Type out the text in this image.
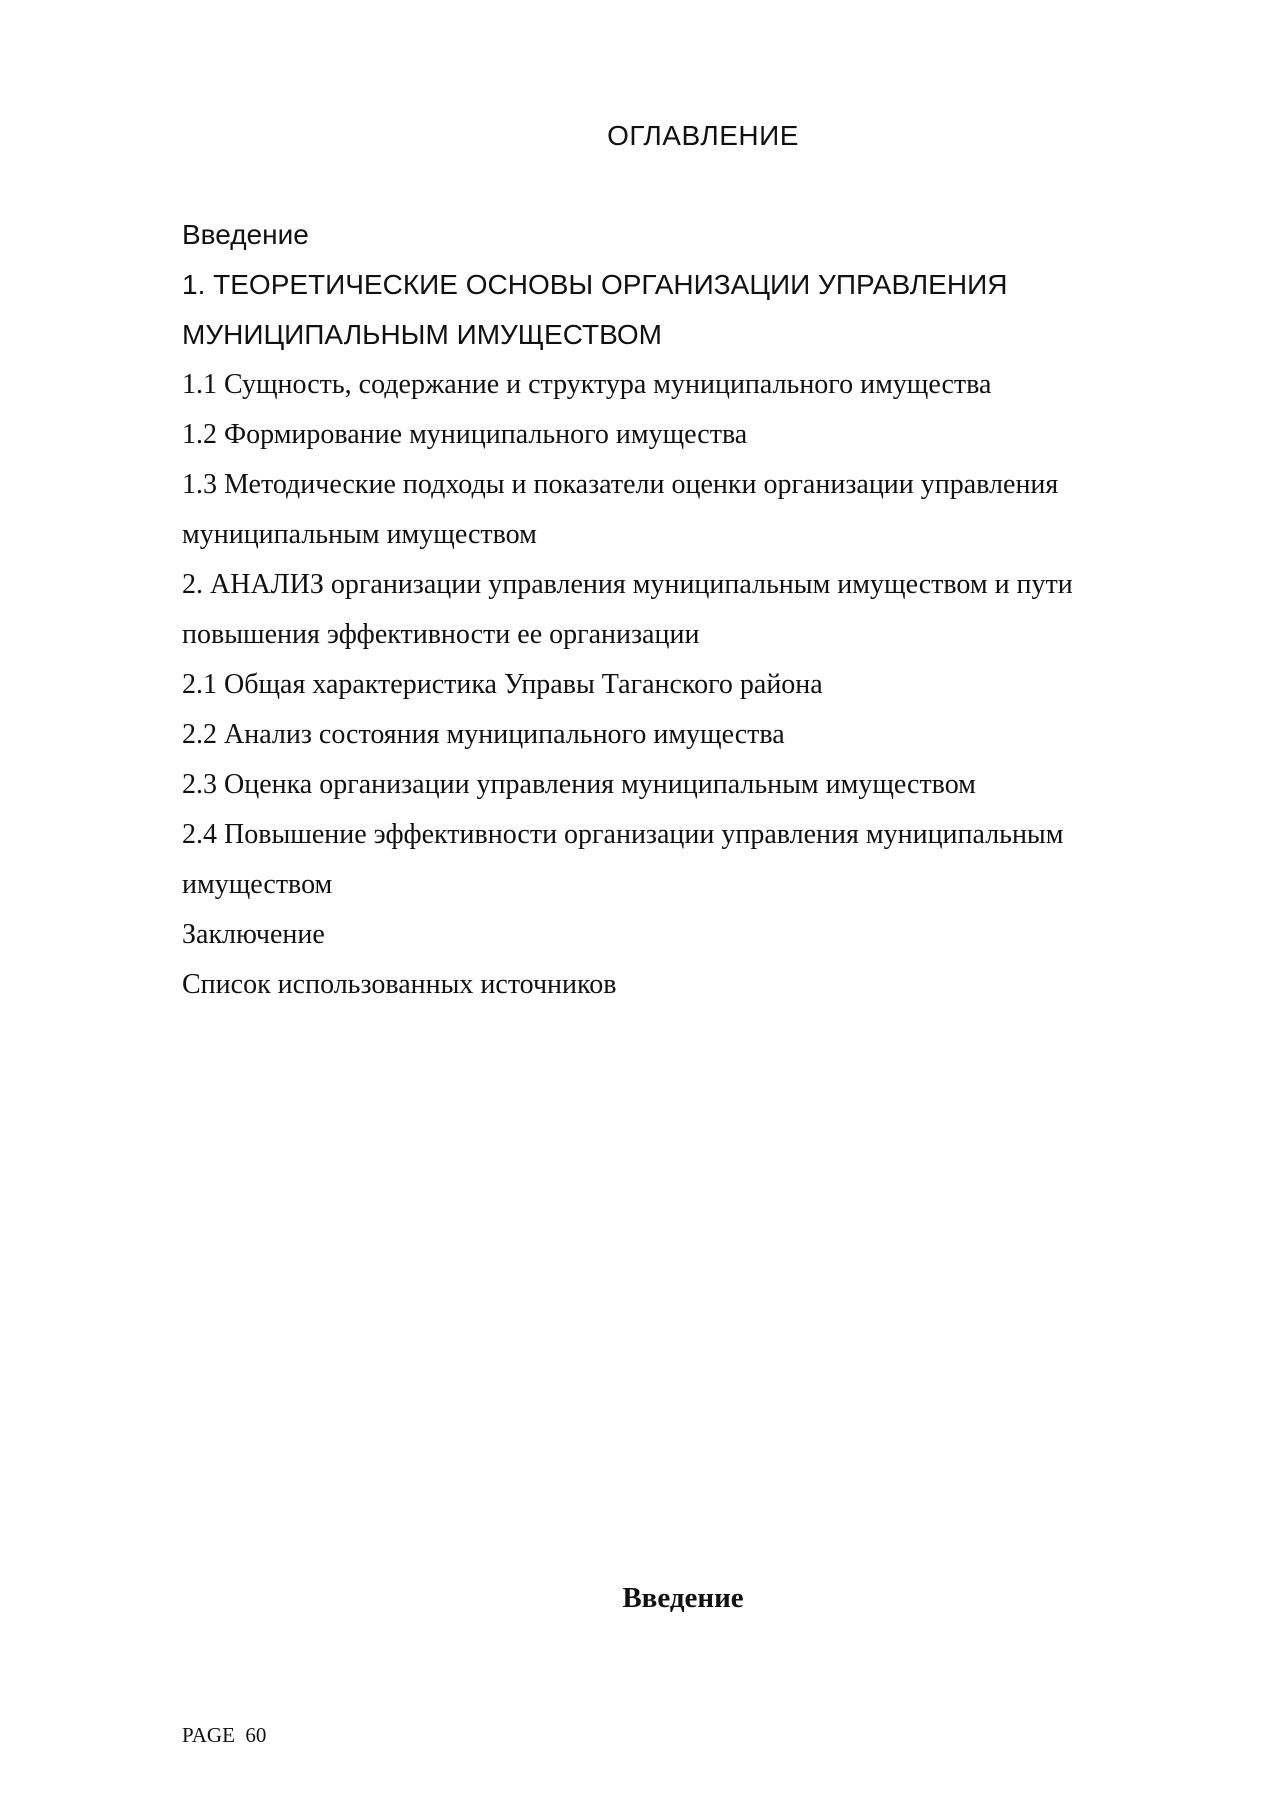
ОГЛАВЛЕНИЕ
Введение
1. ТЕОРЕТИЧЕСКИЕ ОСНОВЫ ОРГАНИЗАЦИИ УПРАВЛЕНИЯ
МУНИЦИПАЛЬНЫМ ИМУЩЕСТВОМ
1.1 Сущность, содержание и структура муниципального имущества
1.2 Формирование муниципального имущества
1.3 Методические подходы и показатели оценки организации управления
муниципальным имуществом
2. АНАЛИЗ организации управления муниципальным имуществом и пути
повышения эффективности ее организации
2.1 Общая характеристика Управы Таганского района
2.2 Анализ состояния муниципального имущества
2.3 Оценка организации управления муниципальным имуществом
2.4 Повышение эффективности организации управления муниципальным
имуществом
Заключение
Список использованных источников
Введение
PAGE 60
